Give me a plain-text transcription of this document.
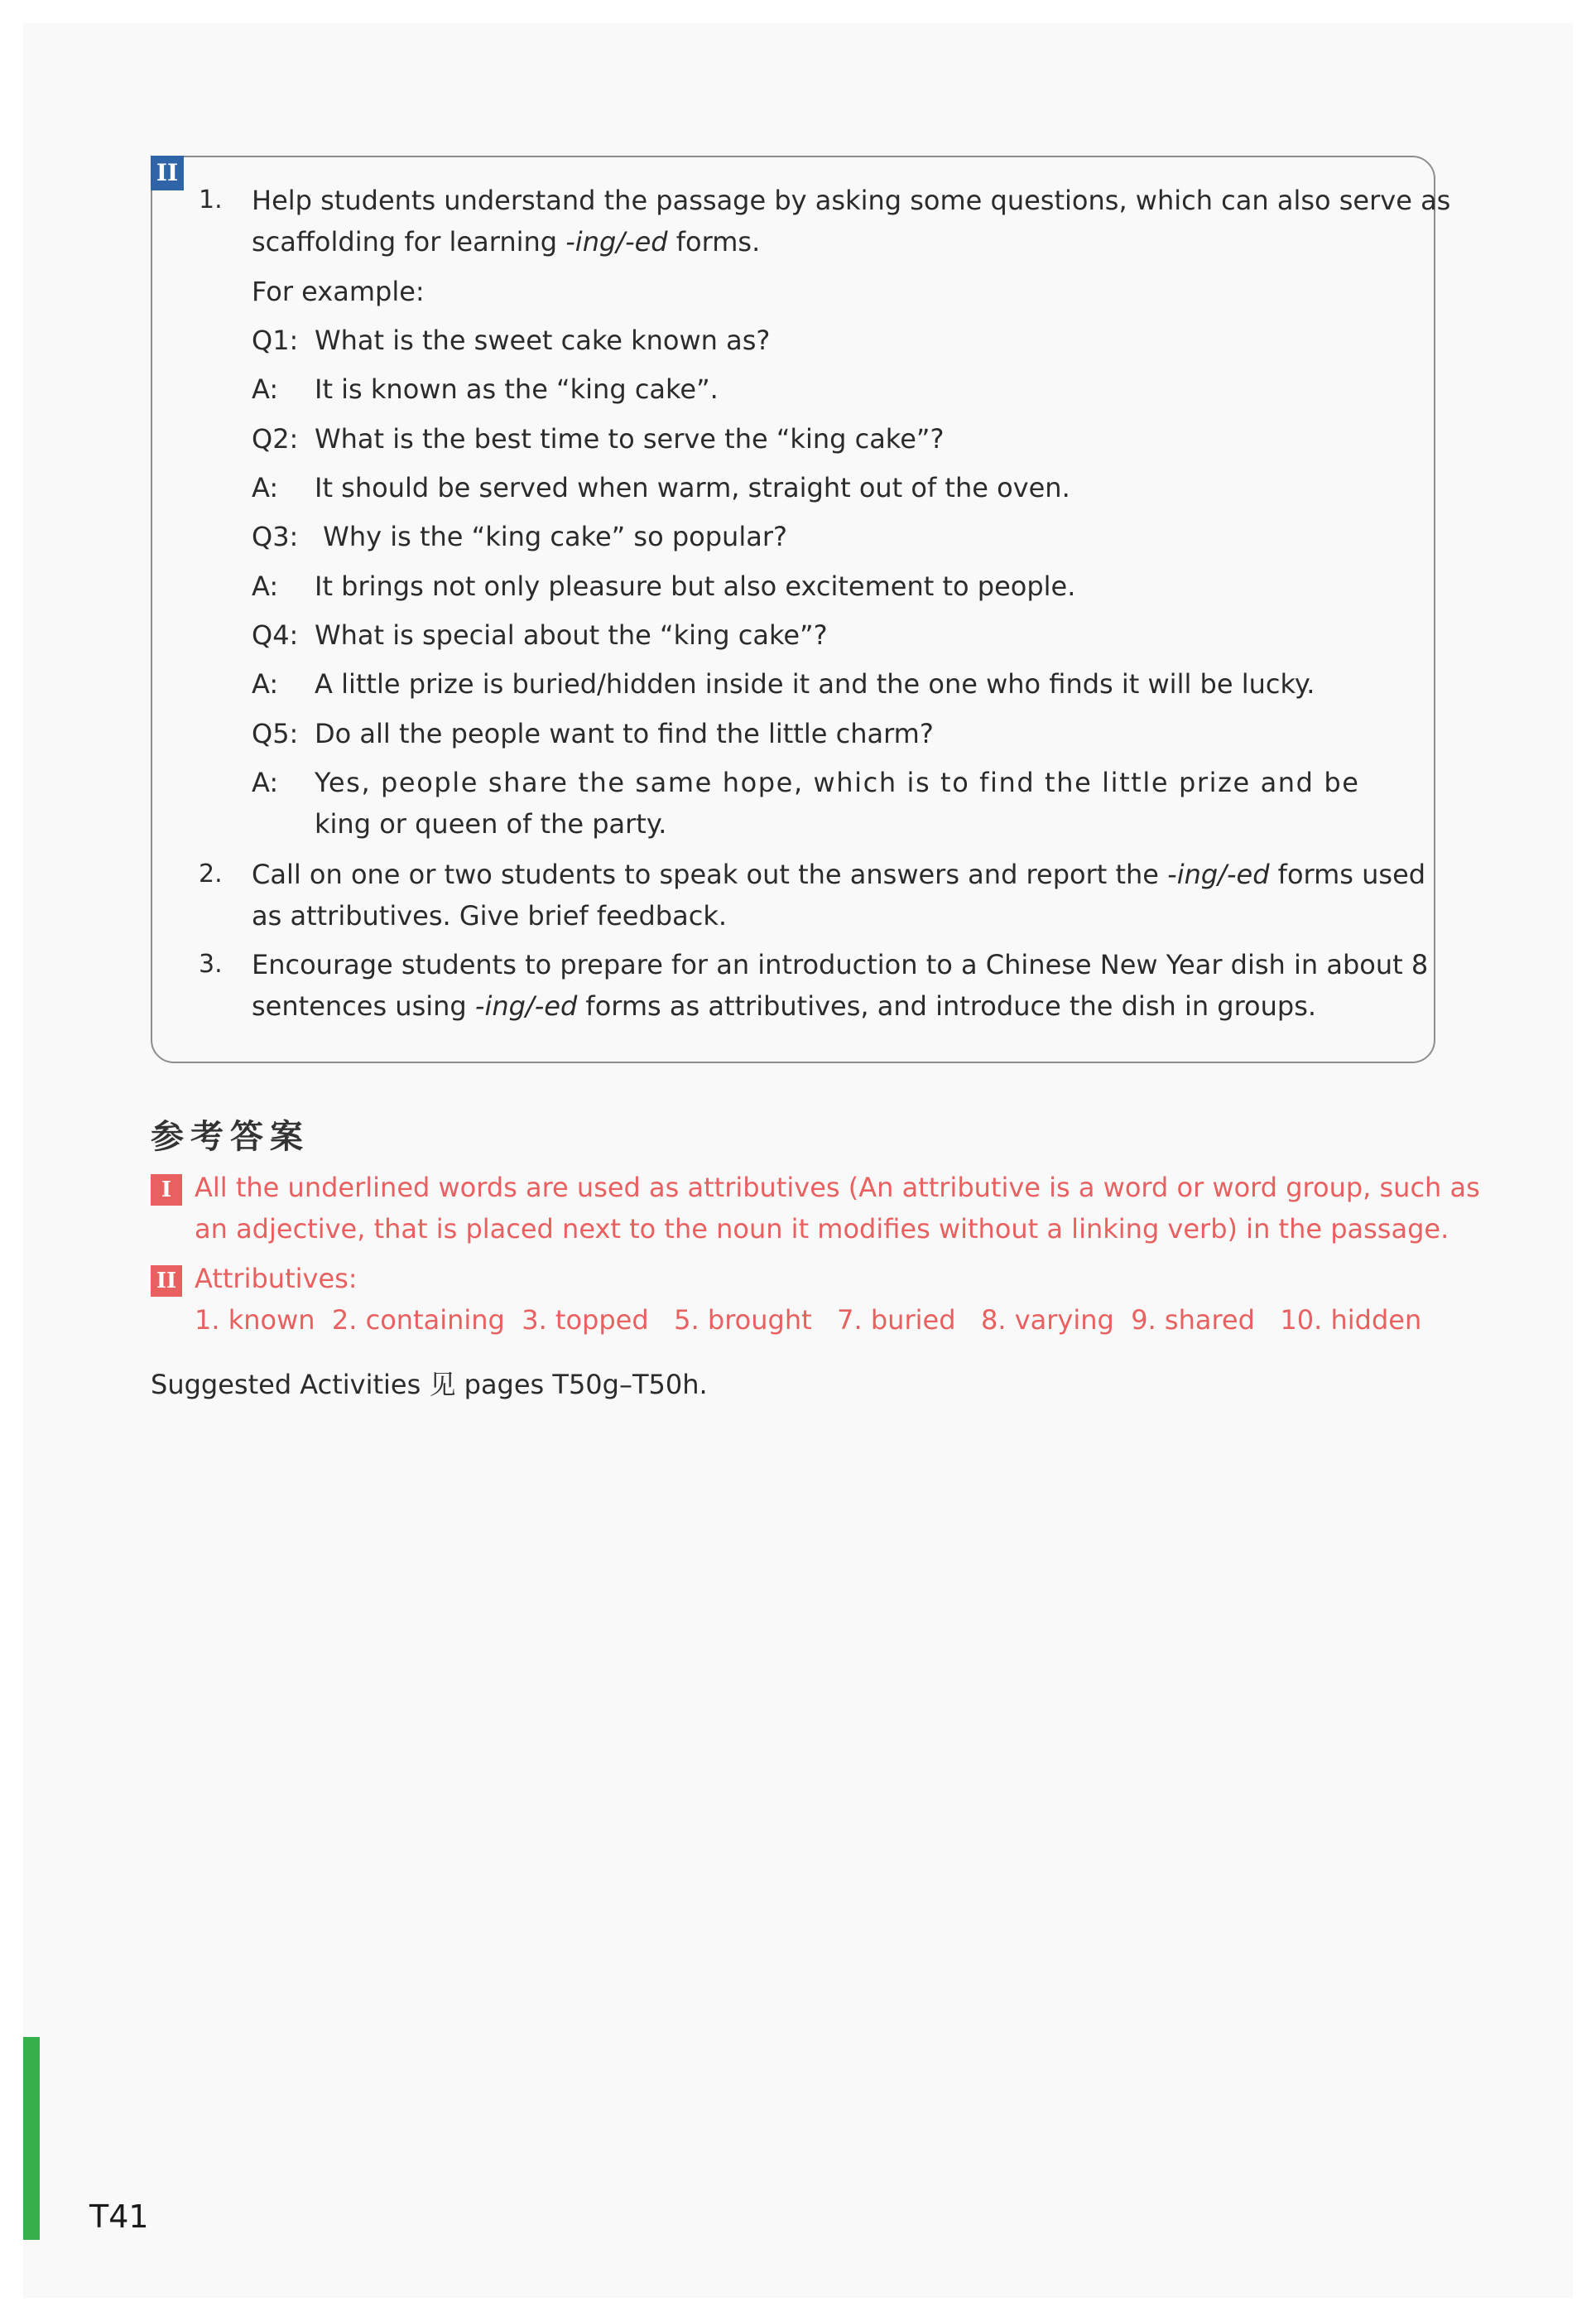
II
1. Help students understand the passage by asking some questions, which can also serve as
scaffolding for learning -ing/-ed forms.
For example:
Q1: What is the sweet cake known as?
A: It is known as the “king cake”.
Q2: What is the best time to serve the “king cake”?
A: It should be served when warm, straight out of the oven.
Q3: Why is the “king cake” so popular?
A: It brings not only pleasure but also excitement to people.
Q4: What is special about the “king cake”?
A: A little prize is buried/hidden inside it and the one who finds it will be lucky.
Q5: Do all the people want to find the little charm?
A: Yes, people share the same hope, which is to find the little prize and be
king or queen of the party.
2. Call on one or two students to speak out the answers and report the -ing/-ed forms used
as attributives. Give brief feedback.
3. Encourage students to prepare for an introduction to a Chinese New Year dish in about 8
sentences using -ing/-ed forms as attributives, and introduce the dish in groups.
参考答案
I All the underlined words are used as attributives (An attributive is a word or word group, such as
an adjective, that is placed next to the noun it modifies without a linking verb) in the passage.
II Attributives:
1. known  2. containing  3. topped   5. brought   7. buried   8. varying  9. shared   10. hidden
Suggested Activities 见 pages T50g–T50h.
T41
